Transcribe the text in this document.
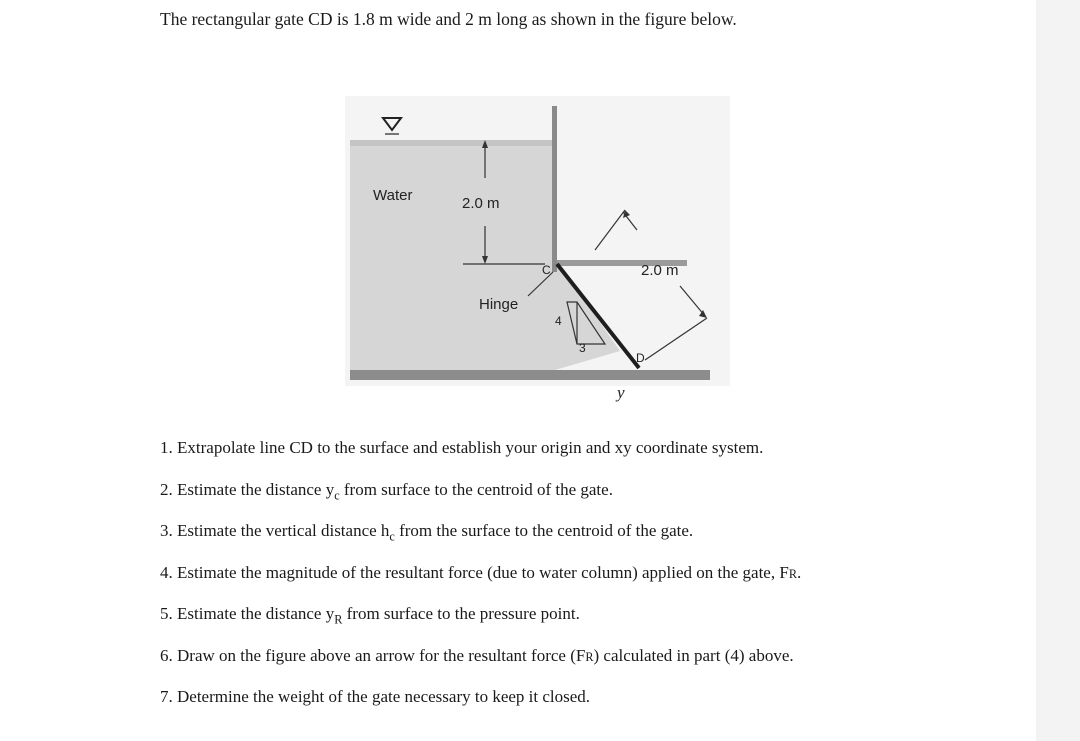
The rectangular gate CD is 1.8 m wide and 2 m long as shown in the figure below.
Water	2.0 m
2.0 m
Hinge
C
D
4
3
y
1. Extrapolate line CD to the surface and establish your origin and xy coordinate system.
2. Estimate the distance $y_c$ from surface to the centroid of the gate.
3. Estimate the vertical distance $h_c$ from the surface to the centroid of the gate.
4. Estimate the magnitude of the resultant force (due to water column) applied on the gate, FR.
5. Estimate the distance $y_R$ from surface to the pressure point.
6. Draw on the figure above an arrow for the resultant force (FR) calculated in part (4) above.
7. Determine the weight of the gate necessary to keep it closed.
